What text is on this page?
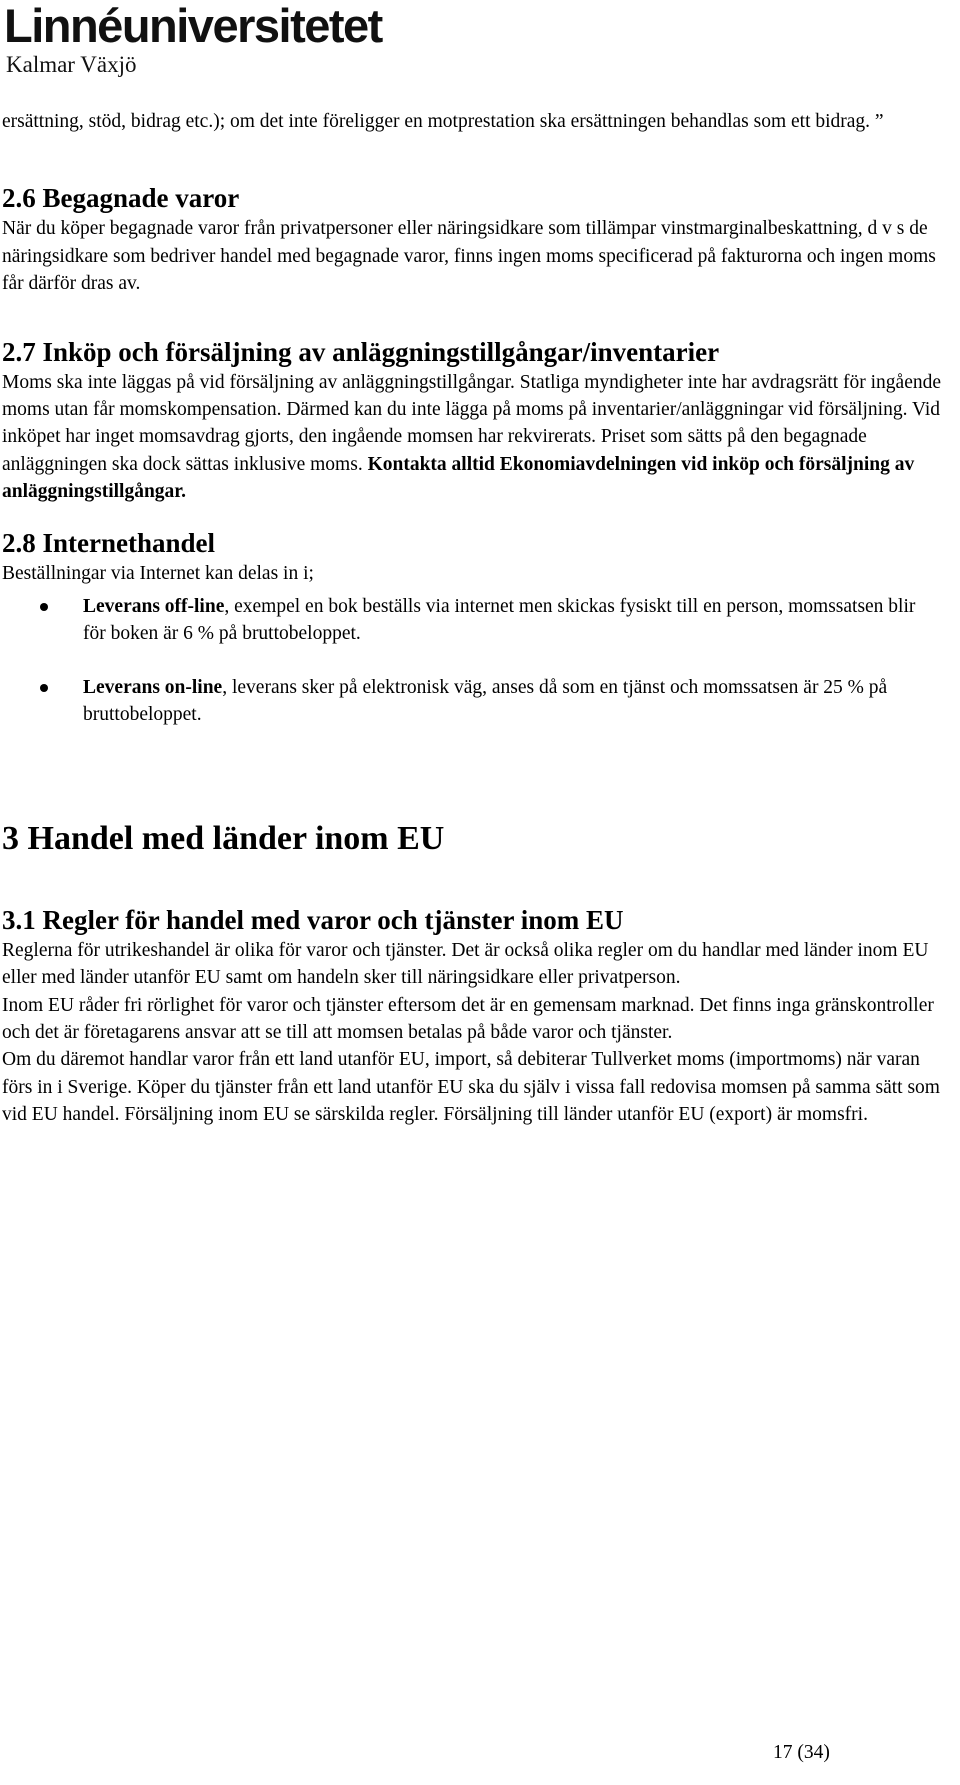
Linnéuniversitetet
Kalmar Växjö

ersättning, stöd, bidrag etc.); om det inte föreligger en motprestation ska ersättningen behandlas som ett bidrag. ”

2.6 Begagnade varor

När du köper begagnade varor från privatpersoner eller näringsidkare som tillämpar vinstmarginalbeskattning, d v s de näringsidkare som bedriver handel med begagnade varor, finns ingen moms specificerad på fakturorna och ingen moms får därför dras av.

2.7 Inköp och försäljning av anläggningstillgångar/inventarier

Moms ska inte läggas på vid försäljning av anläggningstillgångar. Statliga myndigheter inte har avdragsrätt för ingående moms utan får momskompensation. Därmed kan du inte lägga på moms på inventarier/anläggningar vid försäljning. Vid inköpet har inget momsavdrag gjorts, den ingående momsen har rekvirerats. Priset som sätts på den begagnade anläggningen ska dock sättas inklusive moms. Kontakta alltid Ekonomiavdelningen vid inköp och försäljning av anläggningstillgångar.

2.8 Internethandel

Beställningar via Internet kan delas in i;

Leverans off-line, exempel en bok beställs via internet men skickas fysiskt till en person, momssatsen blir för boken är 6 % på bruttobeloppet.
Leverans on-line, leverans sker på elektronisk väg, anses då som en tjänst och momssatsen är 25 % på bruttobeloppet.
3 Handel med länder inom EU
3.1 Regler för handel med varor och tjänster inom EU

Reglerna för utrikeshandel är olika för varor och tjänster. Det är också olika regler om du handlar med länder inom EU eller med länder utanför EU samt om handeln sker till näringsidkare eller privatperson.

Inom EU råder fri rörlighet för varor och tjänster eftersom det är en gemensam marknad. Det finns inga gränskontroller och det är företagarens ansvar att se till att momsen betalas på både varor och tjänster.

Om du däremot handlar varor från ett land utanför EU, import, så debiterar Tullverket moms (importmoms) när varan förs in i Sverige. Köper du tjänster från ett land utanför EU ska du själv i vissa fall redovisa momsen på samma sätt som vid EU handel. Försäljning inom EU se särskilda regler. Försäljning till länder utanför EU (export) är momsfri.

17 (34)
